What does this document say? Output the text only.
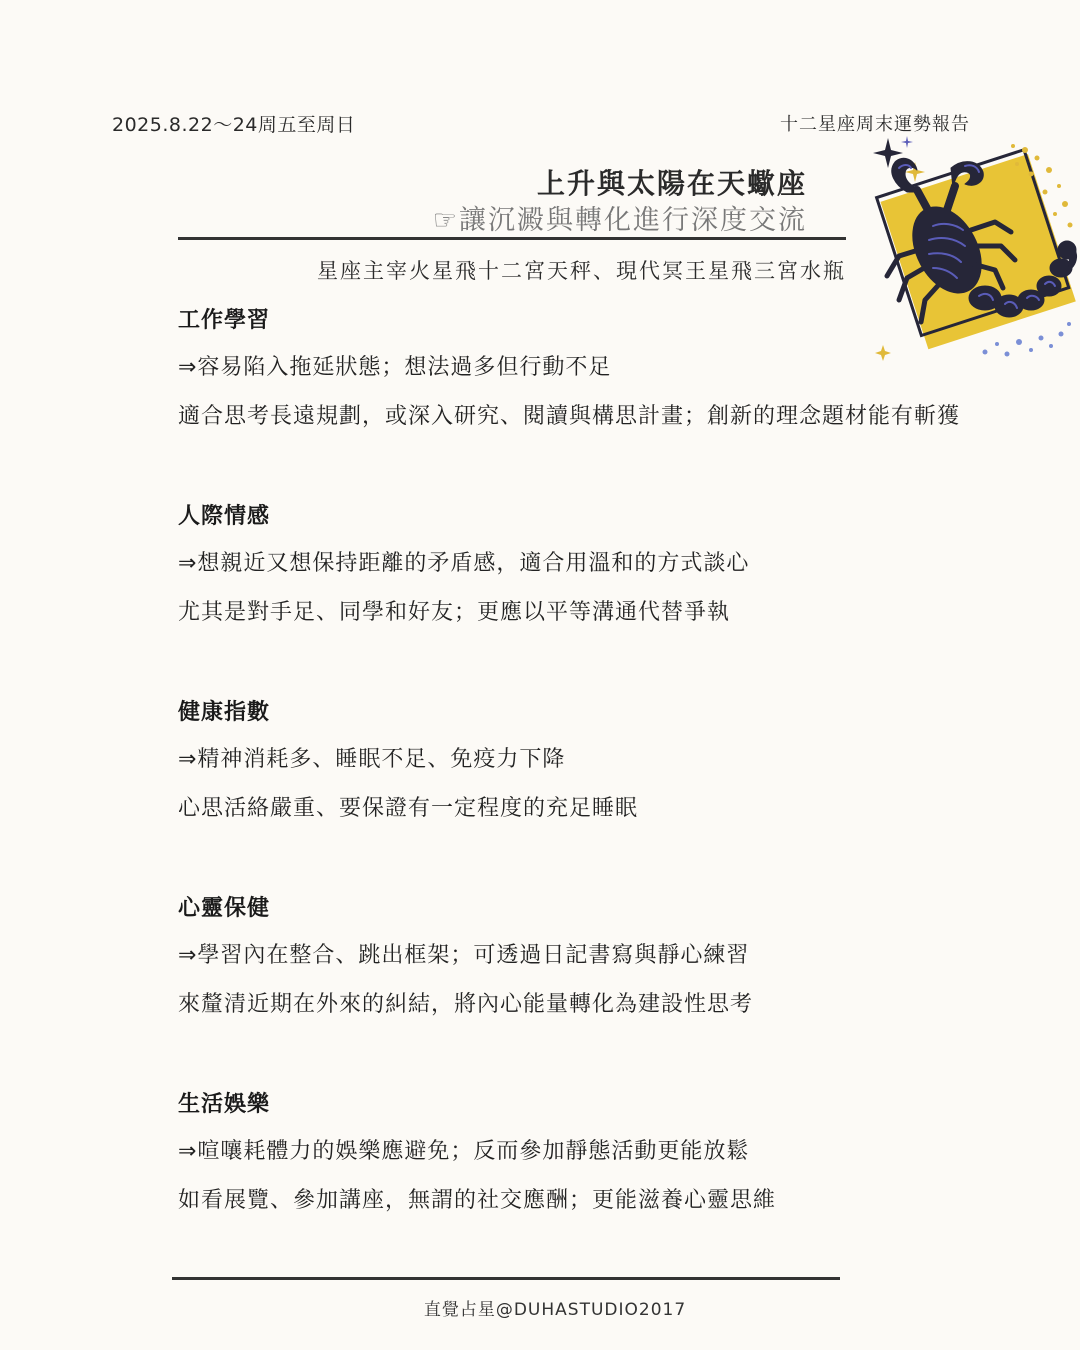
2025.8.22～24周五至周日	十二星座周末運勢報告
上升與太陽在天蠍座
☞讓沉澱與轉化進行深度交流
星座主宰火星飛十二宮天秤、現代冥王星飛三宮水瓶

工作學習

⇒容易陷入拖延狀態；想法過多但行動不足

適合思考長遠規劃，或深入研究、閱讀與構思計畫；創新的理念題材能有斬獲

人際情感

⇒想親近又想保持距離的矛盾感，適合用溫和的方式談心

尤其是對手足、同學和好友；更應以平等溝通代替爭執

健康指數

⇒精神消耗多、睡眠不足、免疫力下降

心思活絡嚴重、要保證有一定程度的充足睡眠

心靈保健

⇒學習內在整合、跳出框架；可透過日記書寫與靜心練習

來釐清近期在外來的糾結，將內心能量轉化為建設性思考

生活娛樂

⇒喧嚷耗體力的娛樂應避免；反而參加靜態活動更能放鬆

如看展覽、參加講座，無謂的社交應酬；更能滋養心靈思維

直覺占星@DUHASTUDIO2017
